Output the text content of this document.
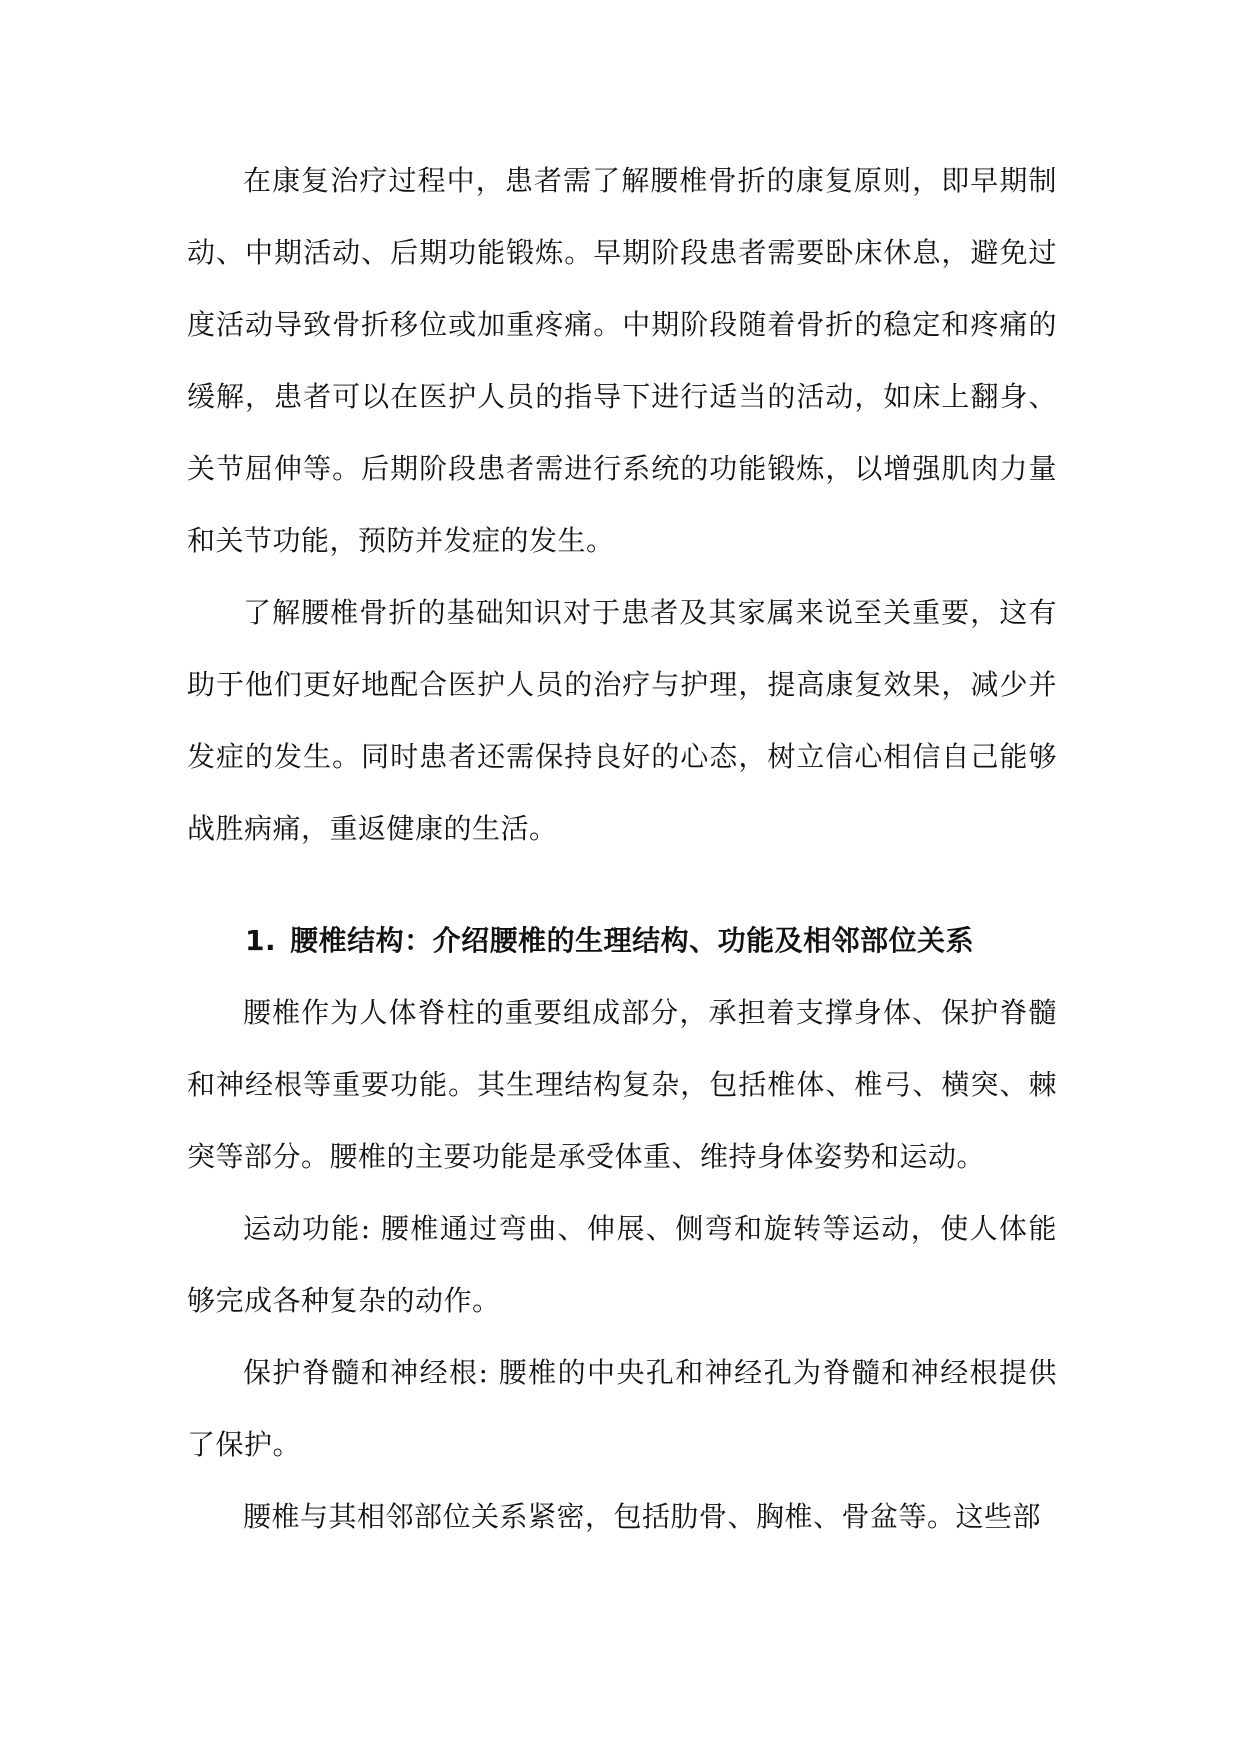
在康复治疗过程中，患者需了解腰椎骨折的康复原则，即早期制动、中期活动、后期功能锻炼。早期阶段患者需要卧床休息，避免过度活动导致骨折移位或加重疼痛。中期阶段随着骨折的稳定和疼痛的缓解，患者可以在医护人员的指导下进行适当的活动，如床上翻身、关节屈伸等。后期阶段患者需进行系统的功能锻炼，以增强肌肉力量和关节功能，预防并发症的发生。

了解腰椎骨折的基础知识对于患者及其家属来说至关重要，这有助于他们更好地配合医护人员的治疗与护理，提高康复效果，减少并发症的发生。同时患者还需保持良好的心态，树立信心相信自己能够战胜病痛，重返健康的生活。

1. 腰椎结构：介绍腰椎的生理结构、功能及相邻部位关系

腰椎作为人体脊柱的重要组成部分，承担着支撑身体、保护脊髓和神经根等重要功能。其生理结构复杂，包括椎体、椎弓、横突、棘突等部分。腰椎的主要功能是承受体重、维持身体姿势和运动。

运动功能: 腰椎通过弯曲、伸展、侧弯和旋转等运动，使人体能够完成各种复杂的动作。

保护脊髓和神经根: 腰椎的中央孔和神经孔为脊髓和神经根提供了保护。

腰椎与其相邻部位关系紧密，包括肋骨、胸椎、骨盆等。这些部
